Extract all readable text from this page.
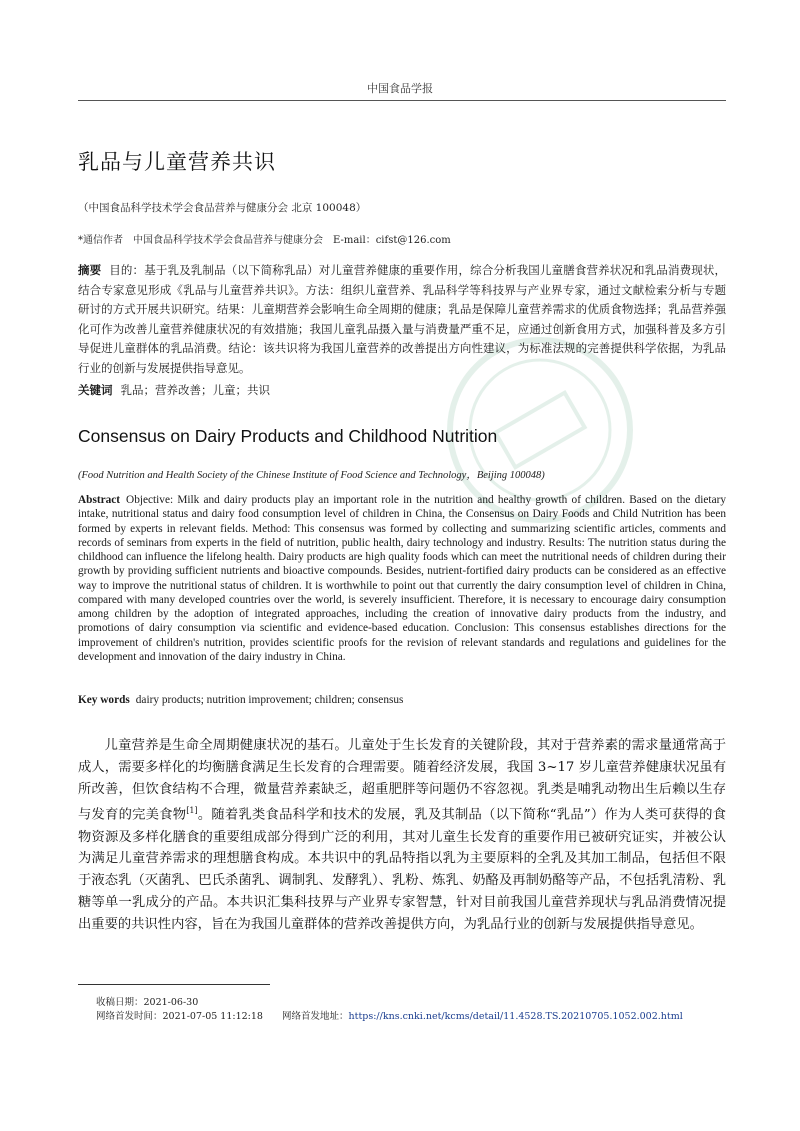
中国食品学报
乳品与儿童营养共识
（中国食品科学技术学会食品营养与健康分会 北京 100048）
*通信作者　中国食品科学技术学会食品营养与健康分会　E-mail：cifst@126.com
摘要 目的：基于乳及乳制品（以下简称乳品）对儿童营养健康的重要作用，综合分析我国儿童膳食营养状况和乳品消费现状，结合专家意见形成《乳品与儿童营养共识》。方法：组织儿童营养、乳品科学等科技界与产业界专家，通过文献检索分析与专题研讨的方式开展共识研究。结果：儿童期营养会影响生命全周期的健康；乳品是保障儿童营养需求的优质食物选择；乳品营养强化可作为改善儿童营养健康状况的有效措施；我国儿童乳品摄入量与消费量严重不足，应通过创新食用方式，加强科普及多方引导促进儿童群体的乳品消费。结论：该共识将为我国儿童营养的改善提出方向性建议，为标准法规的完善提供科学依据，为乳品行业的创新与发展提供指导意见。
关键词 乳品；营养改善；儿童；共识
Consensus on Dairy Products and Childhood Nutrition
(Food Nutrition and Health Society of the Chinese Institute of Food Science and Technology，Beijing 100048)
Abstract Objective: Milk and dairy products play an important role in the nutrition and healthy growth of children. Based on the dietary intake, nutritional status and dairy food consumption level of children in China, the Consensus on Dairy Foods and Child Nutrition has been formed by experts in relevant fields. Method: This consensus was formed by collecting and summarizing scientific articles, comments and records of seminars from experts in the field of nutrition, public health, dairy technology and industry. Results: The nutrition status during the childhood can influence the lifelong health. Dairy products are high quality foods which can meet the nutritional needs of children during their growth by providing sufficient nutrients and bioactive compounds. Besides, nutrient-fortified dairy products can be considered as an effective way to improve the nutritional status of children. It is worthwhile to point out that currently the dairy consumption level of children in China, compared with many developed countries over the world, is severely insufficient. Therefore, it is necessary to encourage dairy consumption among children by the adoption of integrated approaches, including the creation of innovative dairy products from the industry, and promotions of dairy consumption via scientific and evidence-based education. Conclusion: This consensus establishes directions for the improvement of children's nutrition, provides scientific proofs for the revision of relevant standards and regulations and guidelines for the development and innovation of the dairy industry in China.
Key words dairy products; nutrition improvement; children; consensus
儿童营养是生命全周期健康状况的基石。儿童处于生长发育的关键阶段，其对于营养素的需求量通常高于成人，需要多样化的均衡膳食满足生长发育的合理需要。随着经济发展，我国 3~17 岁儿童营养健康状况虽有所改善，但饮食结构不合理，微量营养素缺乏，超重肥胖等问题仍不容忽视。乳类是哺乳动物出生后赖以生存与发育的完美食物[1]。随着乳类食品科学和技术的发展，乳及其制品（以下简称“乳品”）作为人类可获得的食物资源及多样化膳食的重要组成部分得到广泛的利用，其对儿童生长发育的重要作用已被研究证实，并被公认为满足儿童营养需求的理想膳食构成。本共识中的乳品特指以乳为主要原料的全乳及其加工制品，包括但不限于液态乳（灭菌乳、巴氏杀菌乳、调制乳、发酵乳）、乳粉、炼乳、奶酪及再制奶酪等产品，不包括乳清粉、乳糖等单一乳成分的产品。本共识汇集科技界与产业界专家智慧，针对目前我国儿童营养现状与乳品消费情况提出重要的共识性内容，旨在为我国儿童群体的营养改善提供方向，为乳品行业的创新与发展提供指导意见。
收稿日期：2021-06-30
网络首发时间：2021-07-05 11:12:18　　 网络首发地址：https://kns.cnki.net/kcms/detail/11.4528.TS.20210705.1052.002.html
